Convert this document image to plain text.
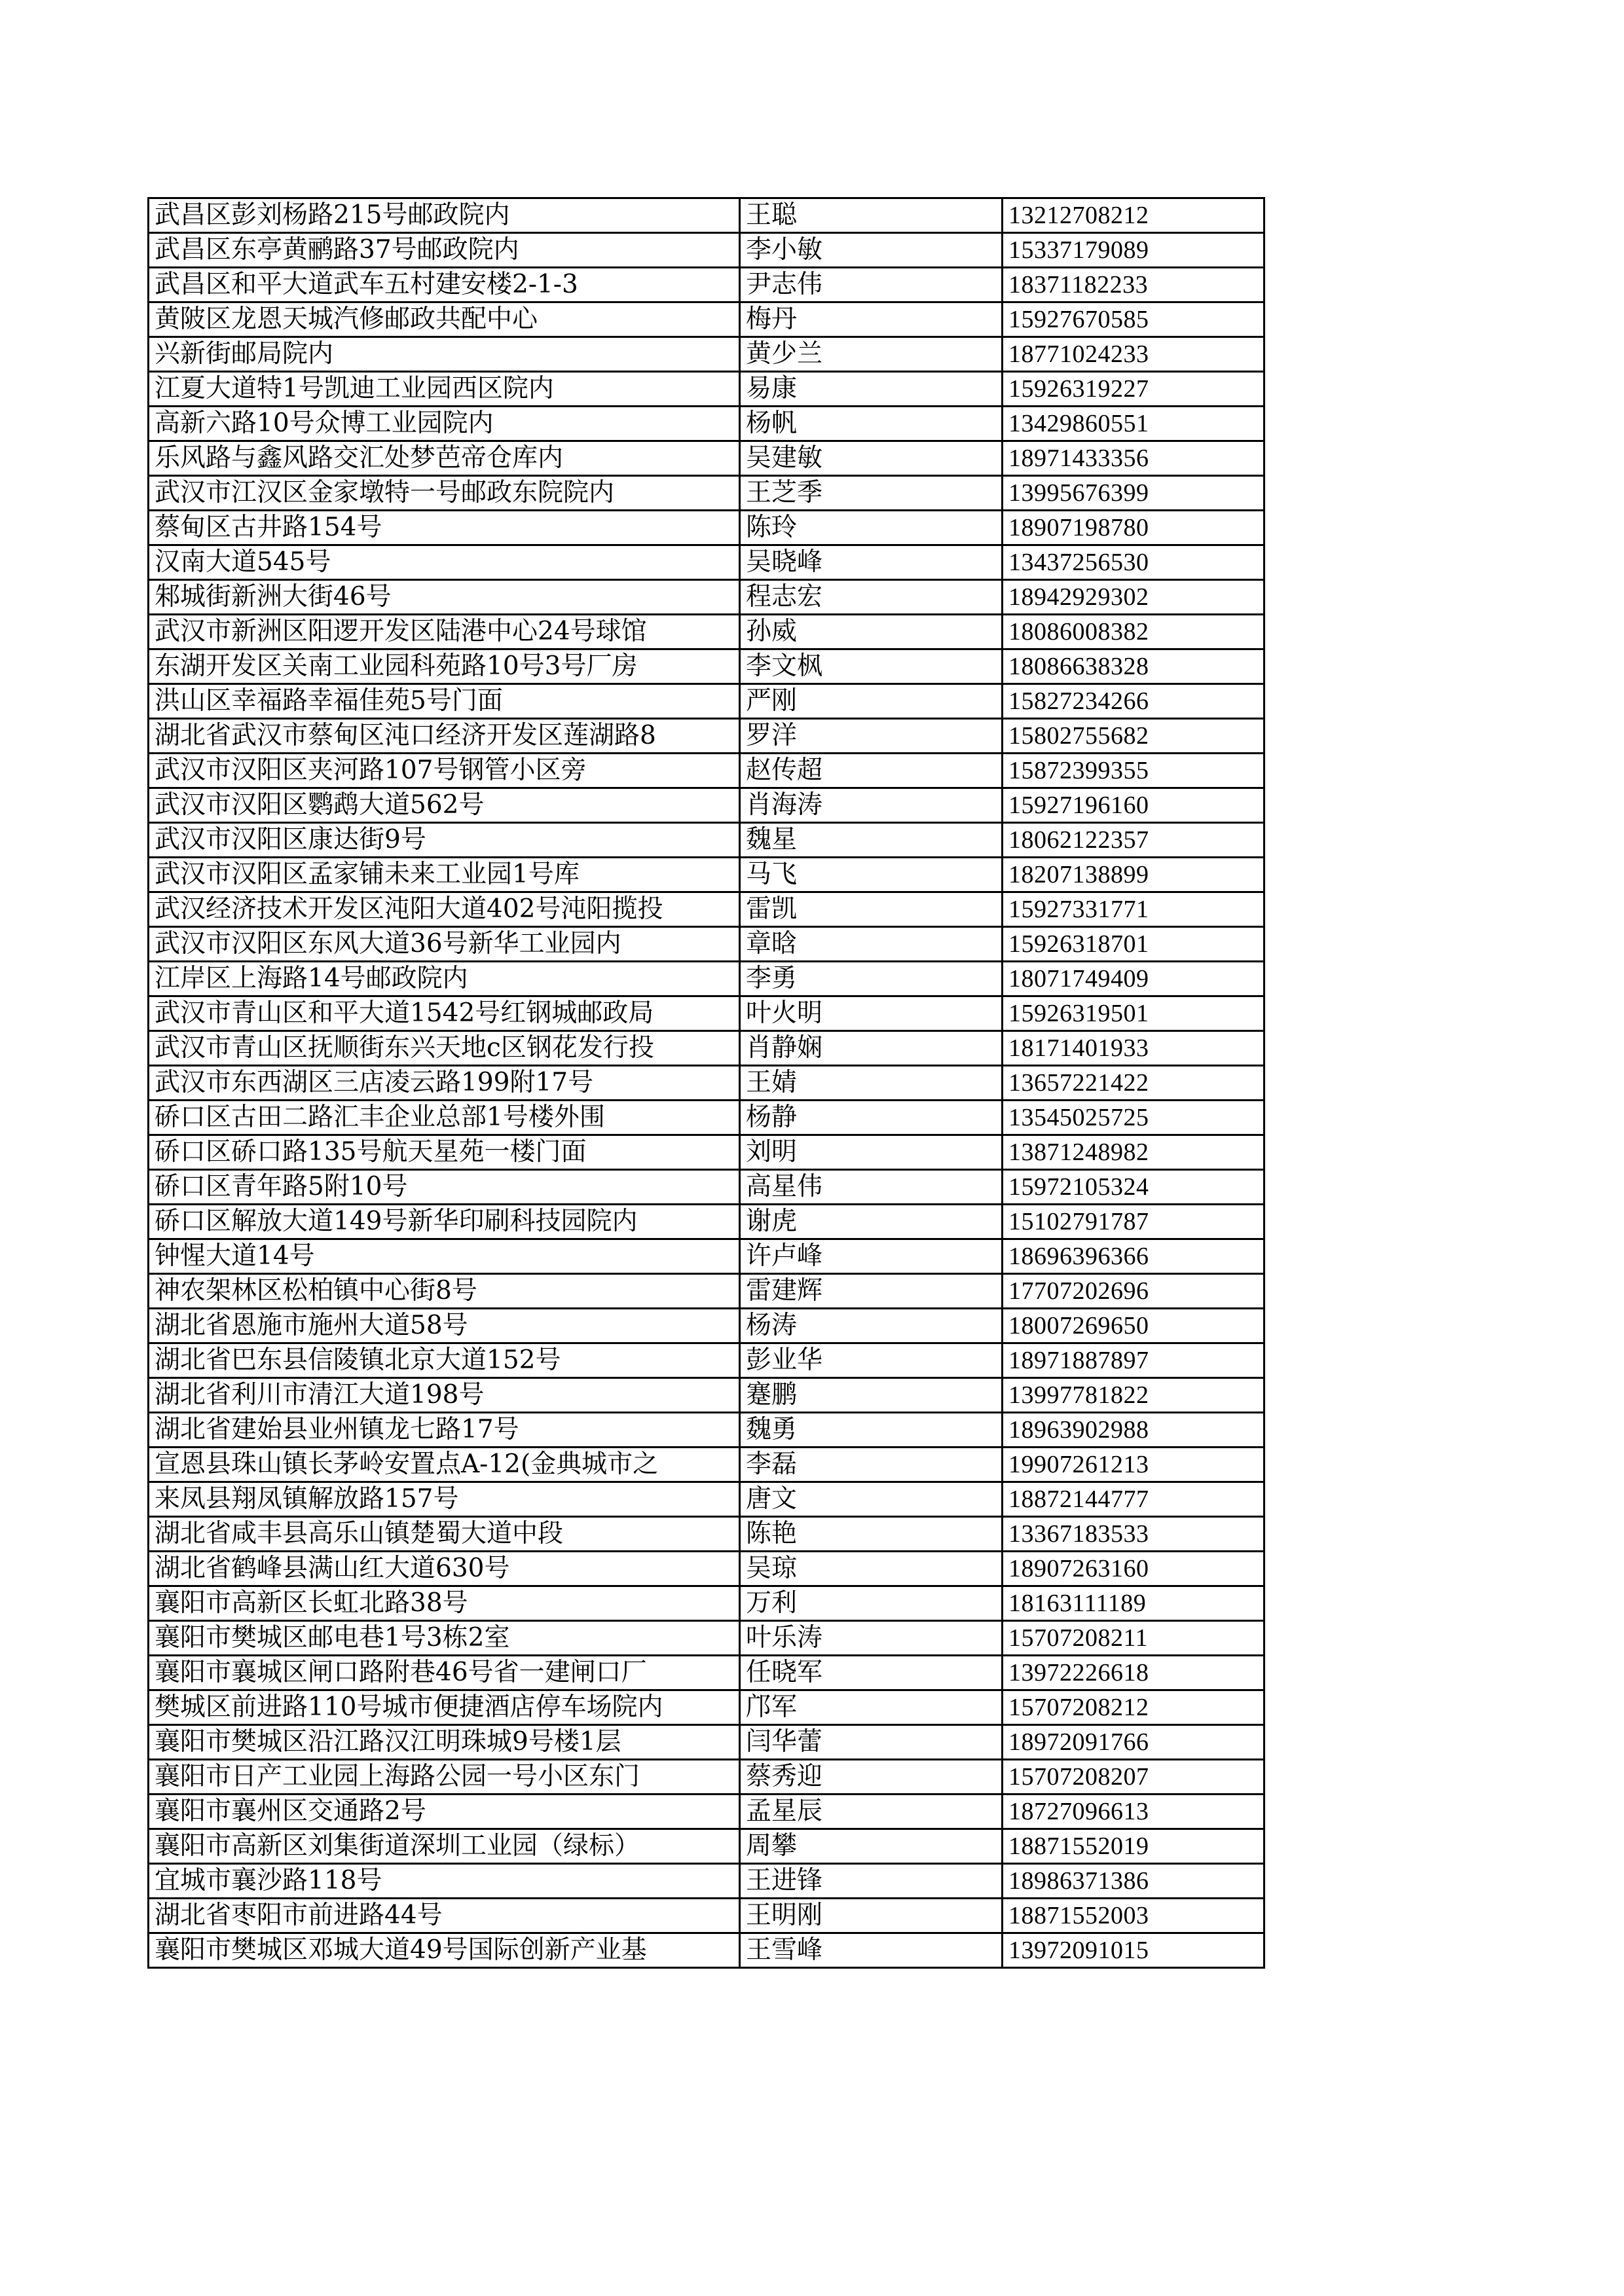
武昌区彭刘杨路215号邮政院内	王聪	13212708212
武昌区东亭黄鹂路37号邮政院内	李小敏	15337179089
武昌区和平大道武车五村建安楼2-1-3	尹志伟	18371182233
黄陂区龙恩天城汽修邮政共配中心	梅丹	15927670585
兴新街邮局院内	黄少兰	18771024233
江夏大道特1号凯迪工业园西区院内	易康	15926319227
高新六路10号众博工业园院内	杨帆	13429860551
乐风路与鑫风路交汇处梦芭帝仓库内	吴建敏	18971433356
武汉市江汉区金家墩特一号邮政东院院内	王芝季	13995676399
蔡甸区古井路154号	陈玲	18907198780
汉南大道545号	吴晓峰	13437256530
邾城街新洲大街46号	程志宏	18942929302
武汉市新洲区阳逻开发区陆港中心24号球馆	孙威	18086008382
东湖开发区关南工业园科苑路10号3号厂房	李文枫	18086638328
洪山区幸福路幸福佳苑5号门面	严刚	15827234266
湖北省武汉市蔡甸区沌口经济开发区莲湖路8	罗洋	15802755682
武汉市汉阳区夹河路107号钢管小区旁	赵传超	15872399355
武汉市汉阳区鹦鹉大道562号	肖海涛	15927196160
武汉市汉阳区康达街9号	魏星	18062122357
武汉市汉阳区孟家铺未来工业园1号库	马飞	18207138899
武汉经济技术开发区沌阳大道402号沌阳揽投	雷凯	15927331771
武汉市汉阳区东风大道36号新华工业园内	章晗	15926318701
江岸区上海路14号邮政院内	李勇	18071749409
武汉市青山区和平大道1542号红钢城邮政局	叶火明	15926319501
武汉市青山区抚顺街东兴天地c区钢花发行投	肖静娴	18171401933
武汉市东西湖区三店凌云路199附17号	王婧	13657221422
硚口区古田二路汇丰企业总部1号楼外围	杨静	13545025725
硚口区硚口路135号航天星苑一楼门面	刘明	13871248982
硚口区青年路5附10号	高星伟	15972105324
硚口区解放大道149号新华印刷科技园院内	谢虎	15102791787
钟惺大道14号	许卢峰	18696396366
神农架林区松柏镇中心街8号	雷建辉	17707202696
湖北省恩施市施州大道58号	杨涛	18007269650
湖北省巴东县信陵镇北京大道152号	彭业华	18971887897
湖北省利川市清江大道198号	蹇鹏	13997781822
湖北省建始县业州镇龙七路17号	魏勇	18963902988
宣恩县珠山镇长茅岭安置点A-12(金典城市之	李磊	19907261213
来凤县翔凤镇解放路157号	唐文	18872144777
湖北省咸丰县高乐山镇楚蜀大道中段	陈艳	13367183533
湖北省鹤峰县满山红大道630号	吴琼	18907263160
襄阳市高新区长虹北路38号	万利	18163111189
襄阳市樊城区邮电巷1号3栋2室	叶乐涛	15707208211
襄阳市襄城区闸口路附巷46号省一建闸口厂	任晓军	13972226618
樊城区前进路110号城市便捷酒店停车场院内	邝军	15707208212
襄阳市樊城区沿江路汉江明珠城9号楼1层	闫华蕾	18972091766
襄阳市日产工业园上海路公园一号小区东门	蔡秀迎	15707208207
襄阳市襄州区交通路2号	孟星辰	18727096613
襄阳市高新区刘集街道深圳工业园（绿标）	周攀	18871552019
宜城市襄沙路118号	王进锋	18986371386
湖北省枣阳市前进路44号	王明刚	18871552003
襄阳市樊城区邓城大道49号国际创新产业基	王雪峰	13972091015
